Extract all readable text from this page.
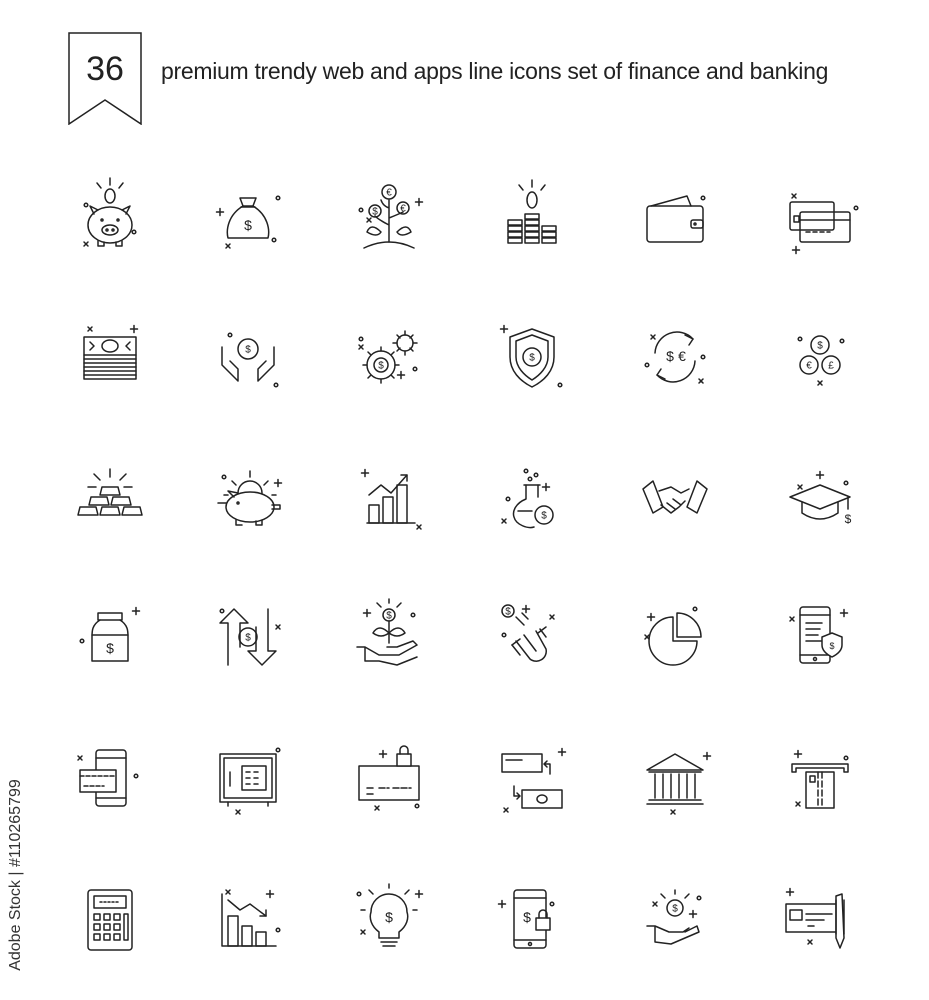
36	premium trendy web and apps line icons set of finance and banking
Adobe Stock | #110265799
$
€
$ €
$
$
$	$ €
$
€ £
$	$
$
$
$	$
$
$	$	$
